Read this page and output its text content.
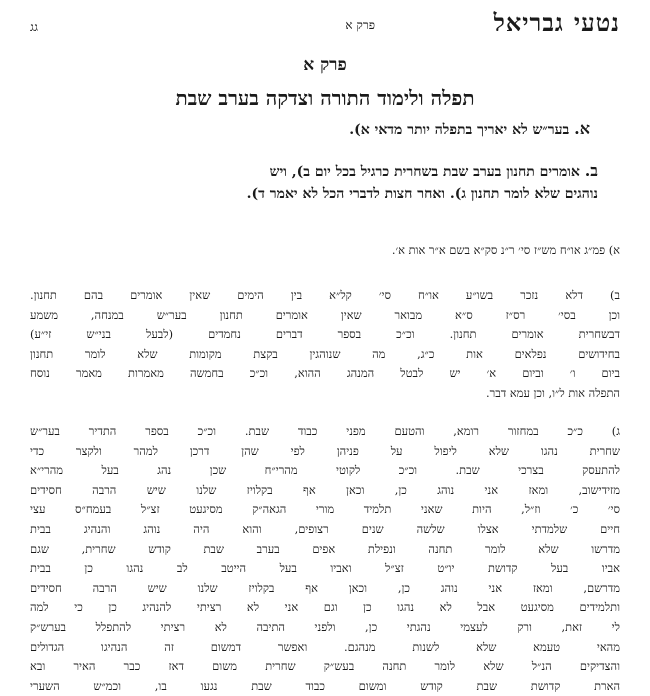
נטעיגבריאל
פרק א
גג
פרק א
תפלה ולימוד התורה וצדקה בערב שבת
א. בער״ש לא יאריך בתפלה יותר מדאי א).
ב. אומרים תחנון בערב שבת בשחרית כרגיל בכל יום ב), ויש
נוהגים שלא לומר תחנון ג). ואחר חצות לדברי הכל לא יאמר ד).
א) פמ״ג או״ח מש״ז סי׳ ר״נ סק״א בשם א״ר אות א׳.
ב) דלא נזכר בשו״ע או״ח סי׳ קל״א בין הימים שאין אומרים בהם תחנון.
וכן בסי׳ רס״ז ס״א מבואר שאין אומרים תחנון בער״ש במנחה, משמע
דבשחרית אומרים תחנון. וכ״כ בספר דברים נחמדים (לבעל בני״ש זי״ע)
בחידושים נפלאים אות כ״ג, מה שנוהגין בקצת מקומות שלא לומר תחנון
ביום ו׳ וביום א׳ יש לבטל המנהג ההוא, וכ״כ בחמשה מאמרות מאמר נוסח
התפלה אות ל״ו, וכן עמא דבר.
ג) כ״כ במחזור רומא, והטעם מפני כבוד שבת. וכ״כ בספר התדיר בער״ש
שחרית נהגו שלא ליפול על פניהן לפי שהן דרכן למהר ולקצר כדי
להתעסק בצרכי שבת. וכ״כ לקוטי מהרי״ח שכן נהג בעל מהרי״א
מזידישוב, ומאז אני נוהג כן, וכאן אף בקלויז שלנו שיש הרבה חסידים
סי׳ כ׳ וז״ל, היות שאני תלמיד מורי הגאה״ק מסיגעט זצ״ל בעמח״ס עצי
חיים שלמדתי אצלו שלשה שנים רצופים, והוא היה נוהג והנהיג בבית
מדרשו שלא לומר תחנה ונפילת אפים בערב שבת קודש שחרית, שגם
אביו בעל קדושת יו״ט זצ״ל ואביו בעל הייטב לב נהגו כן בבית
מדרשם, ומאז אני נוהג כן, וכאן אף בקלויז שלנו שיש הרבה חסידים
ותלמידים מסיגעט אבל לא נהגו כן וגם אני לא רציתי להנהיג כן כי למה
לי זאת, ורק לעצמי נהגתי כן, ולפני התיבה לא רציתי להתפלל בערש״ק
מהאי טעמא שלא לשנות מנהגם. ואפשר דמשום זה הנהיגו הגדולים
והצדיקים הנ״ל שלא לומר תחנה בעש״ק שחרית משום דאז כבר האיר ובא
הארת קדושת שבת קודש ומשום כבוד שבת נגעו בו, וכמ״ש השערי
